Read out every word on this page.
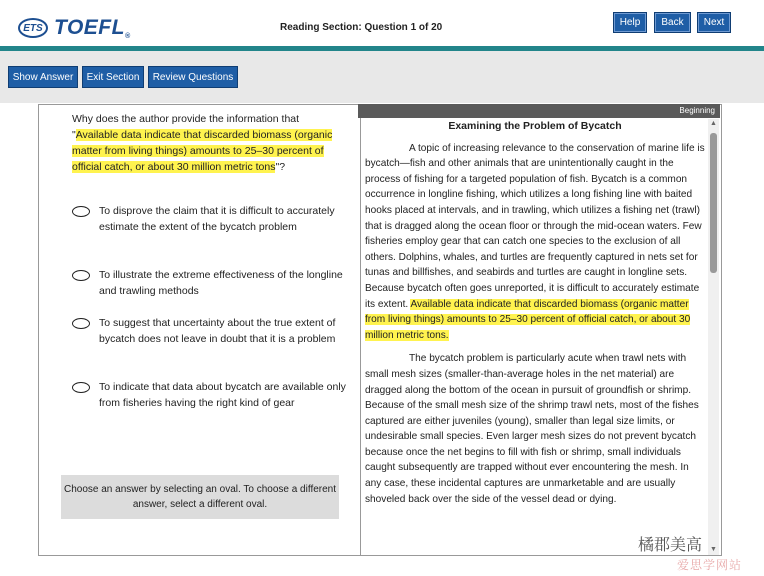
ETS TOEFL®
Reading Section: Question 1 of 20	Help	Back	Next
Show Answer	Exit Section	Review Questions
Why does the author provide the information that "Available data indicate that discarded biomass (organic matter from living things) amounts to 25–30 percent of official catch, or about 30 million metric tons"?
To disprove the claim that it is difficult to accurately estimate the extent of the bycatch problem
To illustrate the extreme effectiveness of the longline and trawling methods
To suggest that uncertainty about the true extent of bycatch does not leave in doubt that it is a problem
To indicate that data about bycatch are available only from fisheries having the right kind of gear
Choose an answer by selecting an oval. To choose a different answer, select a different oval.
Beginning
Examining the Problem of Bycatch

A topic of increasing relevance to the conservation of marine life is bycatch—fish and other animals that are unintentionally caught in the process of fishing for a targeted population of fish. Bycatch is a common occurrence in longline fishing, which utilizes a long fishing line with baited hooks placed at intervals, and in trawling, which utilizes a fishing net (trawl) that is dragged along the ocean floor or through the mid-ocean waters. Few fisheries employ gear that can catch one species to the exclusion of all others. Dolphins, whales, and turtles are frequently captured in nets set for tunas and billfishes, and seabirds and turtles are caught in longline sets. Because bycatch often goes unreported, it is difficult to accurately estimate its extent. Available data indicate that discarded biomass (organic matter from living things) amounts to 25–30 percent of official catch, or about 30 million metric tons.

The bycatch problem is particularly acute when trawl nets with small mesh sizes (smaller-than-average holes in the net material) are dragged along the bottom of the ocean in pursuit of groundfish or shrimp. Because of the small mesh size of the shrimp trawl nets, most of the fishes captured are either juveniles (young), smaller than legal size limits, or undesirable small species. Even larger mesh sizes do not prevent bycatch because once the net begins to fill with fish or shrimp, small individuals caught subsequently are trapped without ever encountering the mesh. In any case, these incidental captures are unmarketable and are usually shoveled back over the side of the vessel dead or dying.

▲
▼
橘郡美高
爱思学网站
